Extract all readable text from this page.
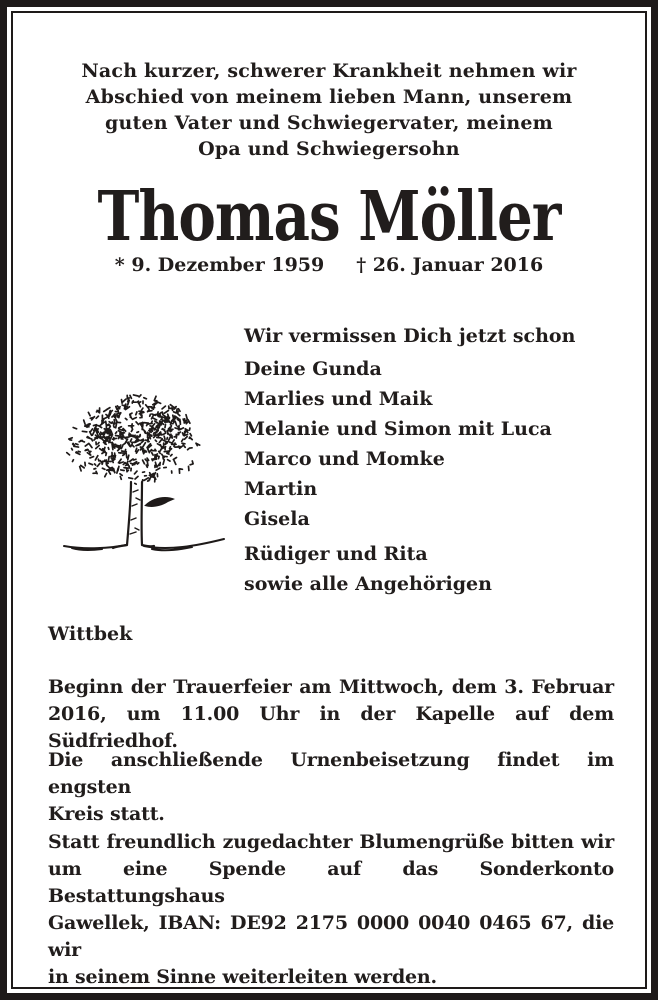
Nach kurzer, schwerer Krankheit nehmen wir
Abschied von meinem lieben Mann, unserem
guten Vater und Schwiegervater, meinem
Opa und Schwiegersohn
Thomas Möller
* 9. Dezember 1959 † 26. Januar 2016
Wir vermissen Dich jetzt schon
Deine Gunda
Marlies und Maik
Melanie und Simon mit Luca
Marco und Momke
Martin
Gisela
Rüdiger und Rita
sowie alle Angehörigen
Wittbek
Beginn der Trauerfeier am Mittwoch, dem 3. Februar
2016, um 11.00 Uhr in der Kapelle auf dem Südfriedhof.
Die anschließende Urnenbeisetzung findet im engsten
Kreis statt.
Statt freundlich zugedachter Blumengrüße bitten wir
um eine Spende auf das Sonderkonto Bestattungshaus
Gawellek, IBAN: DE92 2175 0000 0040 0465 67, die wir
in seinem Sinne weiterleiten werden.
